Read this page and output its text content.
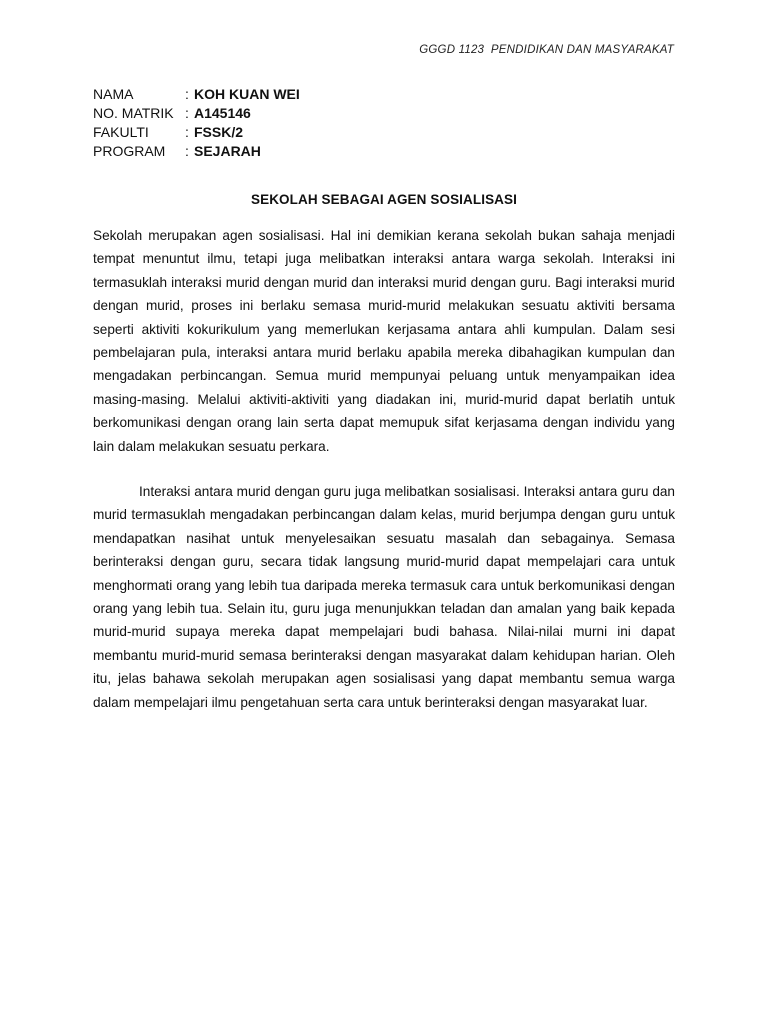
GGGD 1123  PENDIDIKAN DAN MASYARAKAT
NAMA	: KOH KUAN WEI
NO. MATRIK : A145146
FAKULTI	: FSSK/2
PROGRAM	: SEJARAH
SEKOLAH SEBAGAI AGEN SOSIALISASI

Sekolah merupakan agen sosialisasi. Hal ini demikian kerana sekolah bukan sahaja menjadi tempat menuntut ilmu, tetapi juga melibatkan interaksi antara warga sekolah. Interaksi ini termasuklah interaksi murid dengan murid dan interaksi murid dengan guru. Bagi interaksi murid dengan murid, proses ini berlaku semasa murid-murid melakukan sesuatu aktiviti bersama seperti aktiviti kokurikulum yang memerlukan kerjasama antara ahli kumpulan. Dalam sesi pembelajaran pula, interaksi antara murid berlaku apabila mereka dibahagikan kumpulan dan mengadakan perbincangan. Semua murid mempunyai peluang untuk menyampaikan idea masing-masing. Melalui aktiviti-aktiviti yang diadakan ini, murid-murid dapat berlatih untuk berkomunikasi dengan orang lain serta dapat memupuk sifat kerjasama dengan individu yang lain dalam melakukan sesuatu perkara.

Interaksi antara murid dengan guru juga melibatkan sosialisasi. Interaksi antara guru dan murid termasuklah mengadakan perbincangan dalam kelas, murid berjumpa dengan guru untuk mendapatkan nasihat untuk menyelesaikan sesuatu masalah dan sebagainya. Semasa berinteraksi dengan guru, secara tidak langsung murid-murid dapat mempelajari cara untuk menghormati orang yang lebih tua daripada mereka termasuk cara untuk berkomunikasi dengan orang yang lebih tua. Selain itu, guru juga menunjukkan teladan dan amalan yang baik kepada murid-murid supaya mereka dapat mempelajari budi bahasa. Nilai-nilai murni ini dapat membantu murid-murid semasa berinteraksi dengan masyarakat dalam kehidupan harian. Oleh itu, jelas bahawa sekolah merupakan agen sosialisasi yang dapat membantu semua warga dalam mempelajari ilmu pengetahuan serta cara untuk berinteraksi dengan masyarakat luar.
